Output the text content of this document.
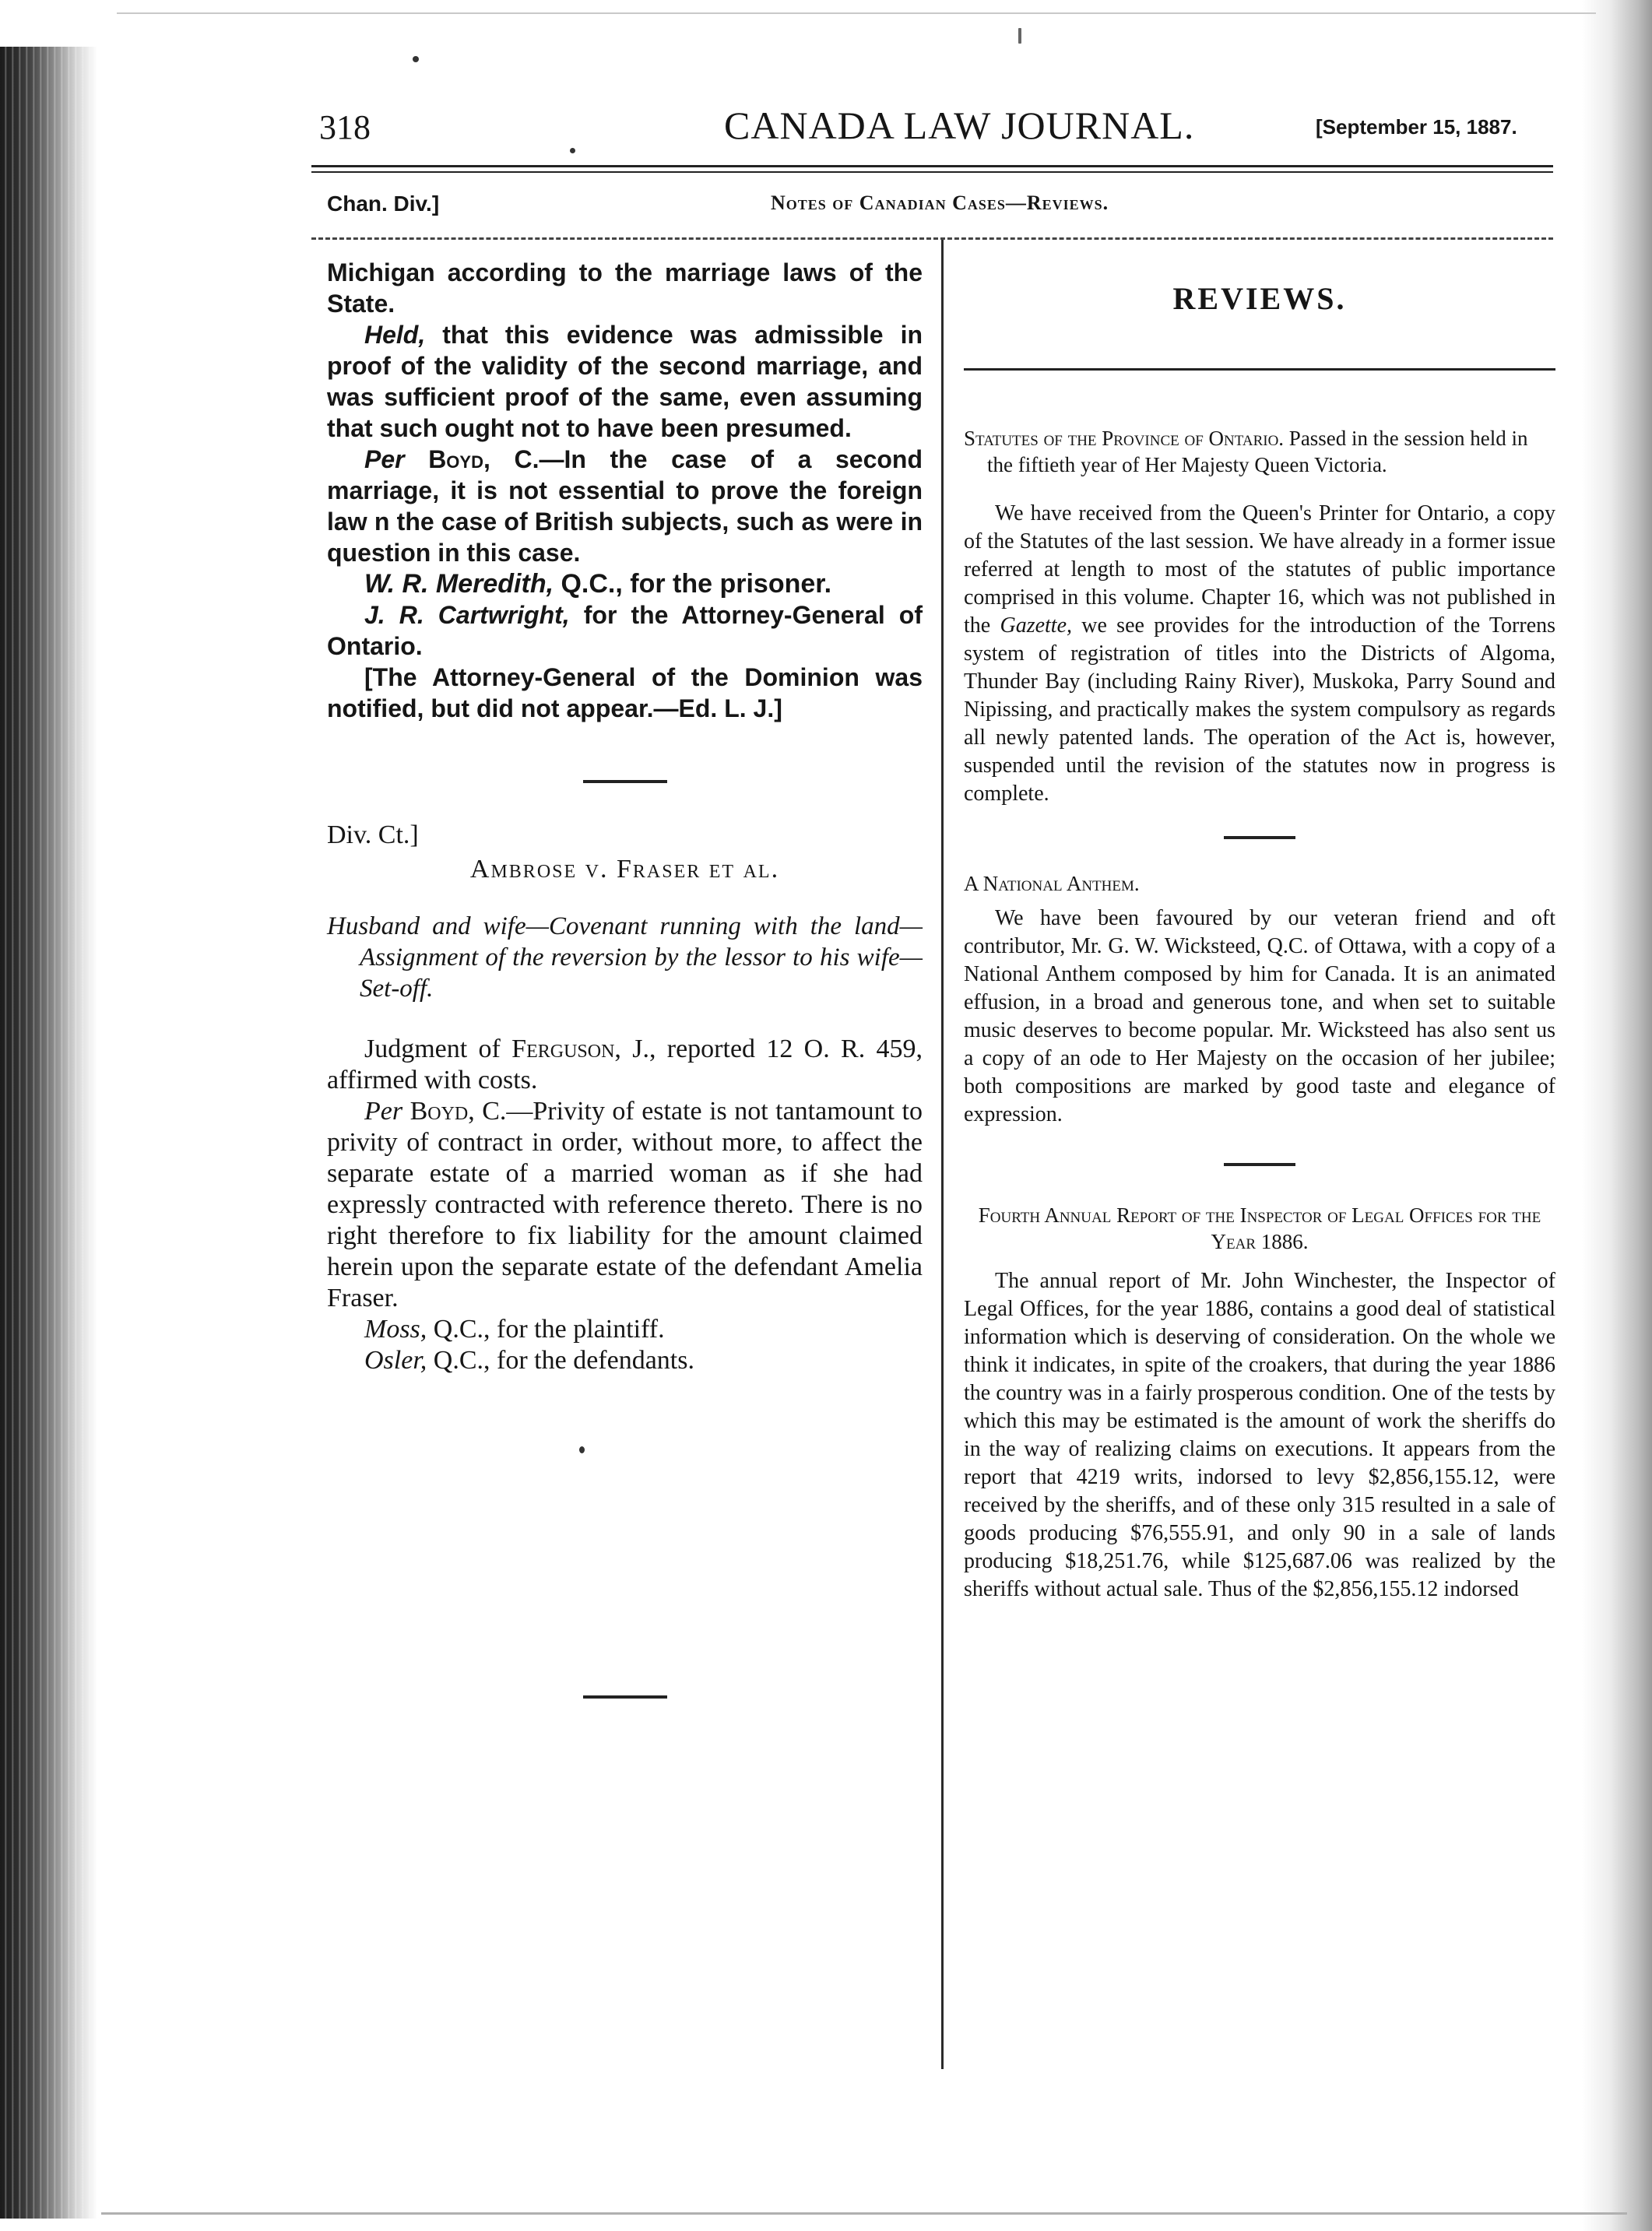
318	CANADA LAW JOURNAL.	[September 15, 1887.
Chan. Div.]	Notes of Canadian Cases—Reviews.

Michigan according to the marriage laws of the State.

Held, that this evidence was admissible in proof of the validity of the second marriage, and was sufficient proof of the same, even assuming that such ought not to have been presumed.

Per Boyd, C.—In the case of a second marriage, it is not essential to prove the foreign law n the case of British subjects, such as were in question in this case.

W. R. Meredith, Q.C., for the prisoner.

J. R. Cartwright, for the Attorney-General of Ontario.

[The Attorney-General of the Dominion was notified, but did not appear.—Ed. L. J.]

Div. Ct.]

Ambrose v. Fraser et al.

Husband and wife—Covenant running with the land—Assignment of the reversion by the lessor to his wife—Set-off.

Judgment of Ferguson, J., reported 12 O. R. 459, affirmed with costs.

Per Boyd, C.—Privity of estate is not tantamount to privity of contract in order, without more, to affect the separate estate of a married woman as if she had expressly contracted with reference thereto. There is no right therefore to fix liability for the amount claimed herein upon the separate estate of the defendant Amelia Fraser.

Moss, Q.C., for the plaintiff.

Osler, Q.C., for the defendants.

REVIEWS.

Statutes of the Province of Ontario. Passed in the session held in the fiftieth year of Her Majesty Queen Victoria.

We have received from the Queen's Printer for Ontario, a copy of the Statutes of the last session. We have already in a former issue referred at length to most of the statutes of public importance comprised in this volume. Chapter 16, which was not published in the Gazette, we see provides for the introduction of the Torrens system of registration of titles into the Districts of Algoma, Thunder Bay (including Rainy River), Muskoka, Parry Sound and Nipissing, and practically makes the system compulsory as regards all newly patented lands. The operation of the Act is, however, suspended until the revision of the statutes now in progress is complete.

A National Anthem.

We have been favoured by our veteran friend and oft contributor, Mr. G. W. Wicksteed, Q.C. of Ottawa, with a copy of a National Anthem composed by him for Canada. It is an animated effusion, in a broad and generous tone, and when set to suitable music deserves to become popular. Mr. Wicksteed has also sent us a copy of an ode to Her Majesty on the occasion of her jubilee; both compositions are marked by good taste and elegance of expression.

Fourth Annual Report of the Inspector of Legal Offices for the Year 1886.

The annual report of Mr. John Winchester, the Inspector of Legal Offices, for the year 1886, contains a good deal of statistical information which is deserving of consideration. On the whole we think it indicates, in spite of the croakers, that during the year 1886 the country was in a fairly prosperous condition. One of the tests by which this may be estimated is the amount of work the sheriffs do in the way of realizing claims on executions. It appears from the report that 4219 writs, indorsed to levy $2,856,155.12, were received by the sheriffs, and of these only 315 resulted in a sale of goods producing $76,555.91, and only 90 in a sale of lands producing $18,251.76, while $125,687.06 was realized by the sheriffs without actual sale. Thus of the $2,856,155.12 indorsed
